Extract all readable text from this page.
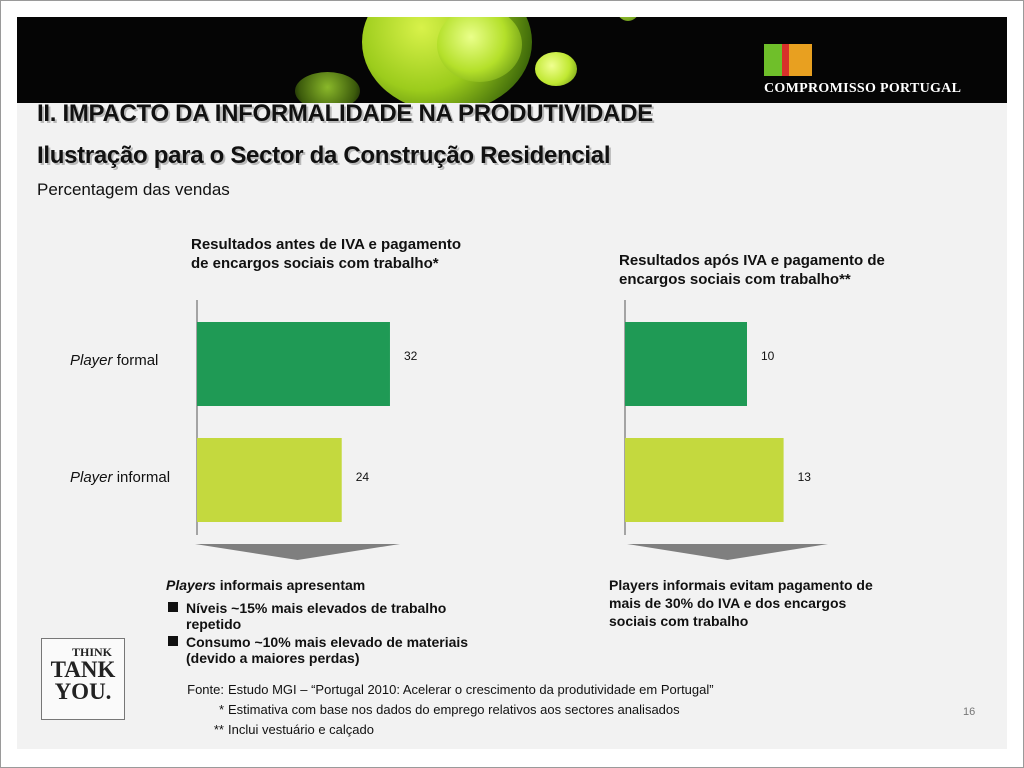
COMPROMISSO PORTUGAL
II. IMPACTO DA INFORMALIDADE NA PRODUTIVIDADE
Ilustração para o Sector da Construção Residencial
Percentagem das vendas
Resultados antes de IVA e pagamento
de encargos sociais com trabalho*	Resultados após IVA e pagamento de
encargos sociais com trabalho**
Player formal
Player informal
32
24
10
13
Players informais apresentam
Níveis ~15% mais elevados de trabalho
repetido
Consumo ~10% mais elevado de materiais
(devido a maiores perdas)
Players informais evitam pagamento de
mais de 30% do IVA e dos encargos
sociais com trabalho
THINK
TANK
YOU.	Fonte: Estudo MGI – “Portugal 2010: Acelerar o crescimento da produtividade em Portugal”
* Estimativa com base nos dados do emprego relativos aos sectores analisados
** Inclui vestuário e calçado
16
